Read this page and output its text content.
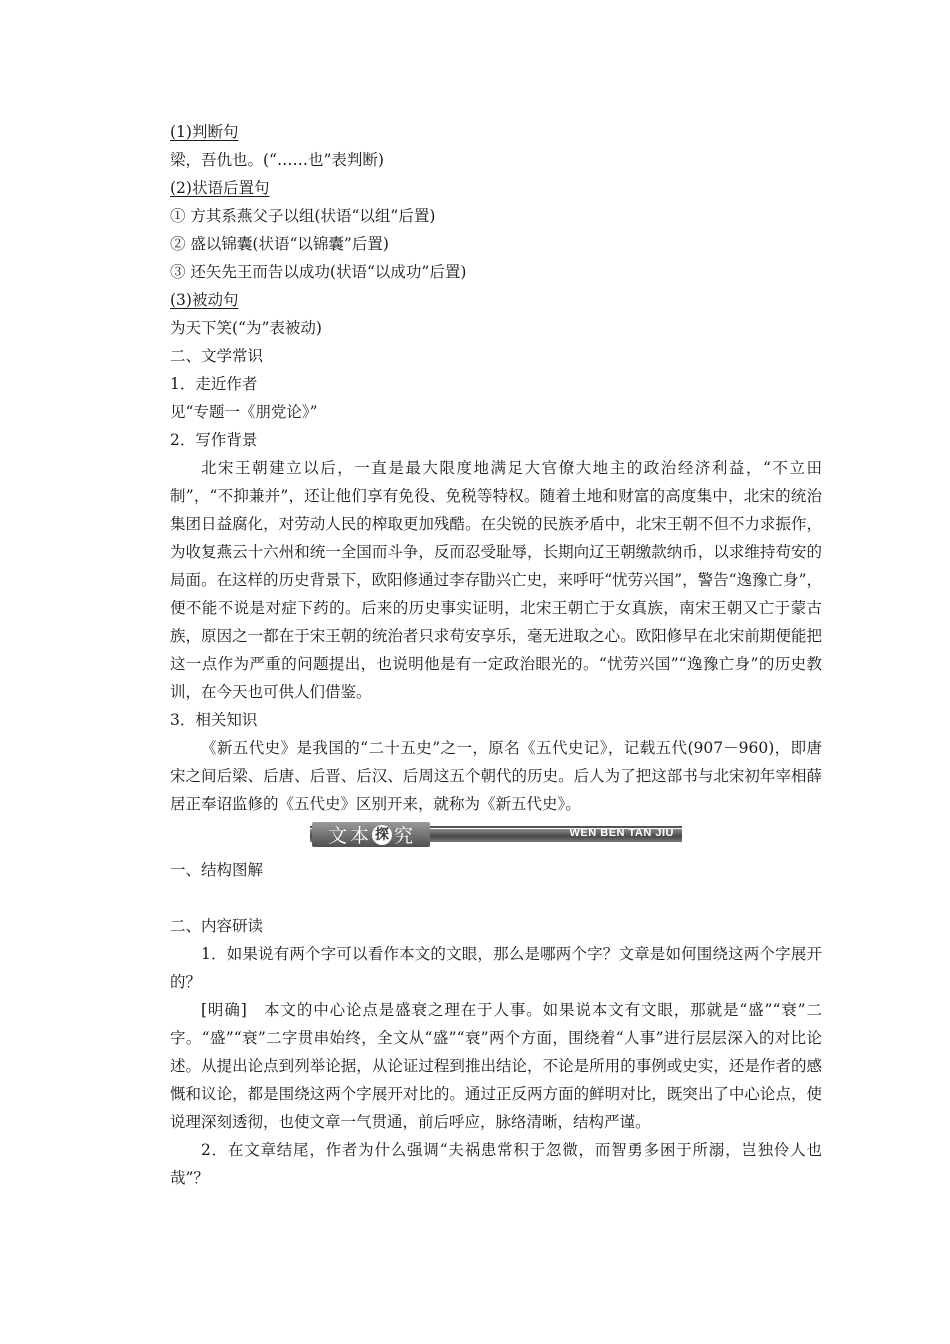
(1)判断句
梁，吾仇也。(“……也”表判断)
(2)状语后置句
① 方其系燕父子以组(状语“以组”后置)
② 盛以锦囊(状语“以锦囊”后置)
③ 还矢先王而告以成功(状语“以成功”后置)
(3)被动句
为天下笑(“为”表被动)
二、文学常识
1．走近作者
见“专题一《朋党论》”
2．写作背景

北宋王朝建立以后，一直是最大限度地满足大官僚大地主的政治经济利益，“不立田制”，“不抑兼并”，还让他们享有免役、免税等特权。随着土地和财富的高度集中，北宋的统治集团日益腐化，对劳动人民的榨取更加残酷。在尖锐的民族矛盾中，北宋王朝不但不力求振作，为收复燕云十六州和统一全国而斗争，反而忍受耻辱，长期向辽王朝缴款纳币，以求维持苟安的局面。在这样的历史背景下，欧阳修通过李存勖兴亡史，来呼吁“忧劳兴国”，警告“逸豫亡身”，便不能不说是对症下药的。后来的历史事实证明，北宋王朝亡于女真族，南宋王朝又亡于蒙古族，原因之一都在于宋王朝的统治者只求苟安享乐，毫无进取之心。欧阳修早在北宋前期便能把这一点作为严重的问题提出，也说明他是有一定政治眼光的。“忧劳兴国”“逸豫亡身”的历史教训，在今天也可供人们借鉴。

3．相关知识

《新五代史》是我国的“二十五史”之一，原名《五代史记》，记载五代(907－960)，即唐宋之间后梁、后唐、后晋、后汉、后周这五个朝代的历史。后人为了把这部书与北宋初年宰相薛居正奉诏监修的《五代史》区别开来，就称为《新五代史》。

文 本 探 究	WEN BEN TAN JIU
一、结构图解
二、内容研读

1．如果说有两个字可以看作本文的文眼，那么是哪两个字？文章是如何围绕这两个字展开的？

[明确]　本文的中心论点是盛衰之理在于人事。如果说本文有文眼，那就是“盛”“衰”二字。“盛”“衰”二字贯串始终，全文从“盛”“衰”两个方面，围绕着“人事”进行层层深入的对比论述。从提出论点到列举论据，从论证过程到推出结论，不论是所用的事例或史实，还是作者的感慨和议论，都是围绕这两个字展开对比的。通过正反两方面的鲜明对比，既突出了中心论点，使说理深刻透彻，也使文章一气贯通，前后呼应，脉络清晰，结构严谨。

2．在文章结尾，作者为什么强调“夫祸患常积于忽微，而智勇多困于所溺，岂独伶人也哉”？
